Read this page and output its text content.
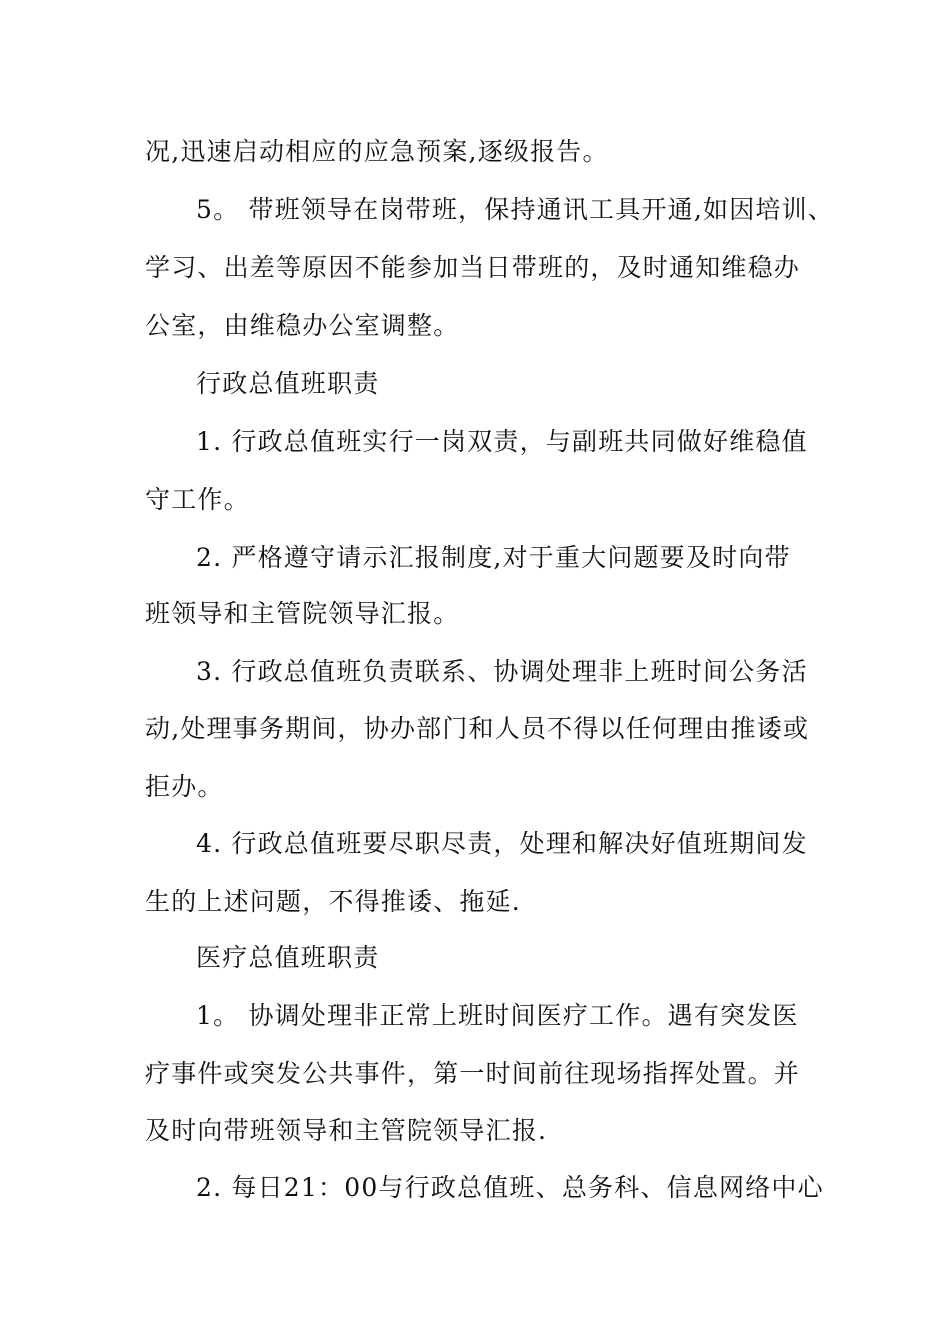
况,迅速启动相应的应急预案,逐级报告。
5。 带班领导在岗带班，保持通讯工具开通,如因培训、
学习、出差等原因不能参加当日带班的，及时通知维稳办
公室，由维稳办公室调整。
行政总值班职责
1. 行政总值班实行一岗双责，与副班共同做好维稳值
守工作。
2. 严格遵守请示汇报制度,对于重大问题要及时向带
班领导和主管院领导汇报。
3. 行政总值班负责联系、协调处理非上班时间公务活
动,处理事务期间，协办部门和人员不得以任何理由推诿或
拒办。
4. 行政总值班要尽职尽责，处理和解决好值班期间发
生的上述问题，不得推诿、拖延.
医疗总值班职责
1。 协调处理非正常上班时间医疗工作。遇有突发医
疗事件或突发公共事件，第一时间前往现场指挥处置。并
及时向带班领导和主管院领导汇报.
2. 每日21：00与行政总值班、总务科、信息网络中心
